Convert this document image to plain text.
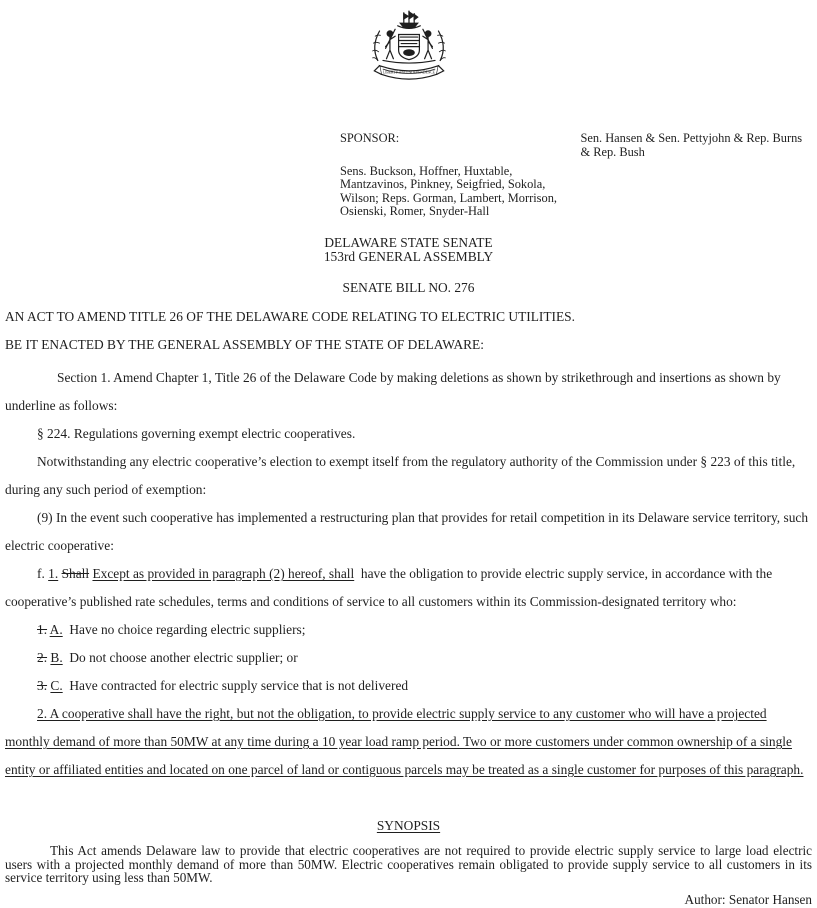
LIBERTY AND INDEPENDENCE
SPONSOR:
Sens. Buckson, Hoffner, Huxtable,
Mantzavinos, Pinkney, Seigfried, Sokola,
Wilson; Reps. Gorman, Lambert, Morrison,
Osienski, Romer, Snyder-Hall
Sen. Hansen & Sen. Pettyjohn & Rep. Burns & Rep. Bush
DELAWARE STATE SENATE
153rd GENERAL ASSEMBLY
SENATE BILL NO. 276

AN ACT TO AMEND TITLE 26 OF THE DELAWARE CODE RELATING TO ELECTRIC UTILITIES.

BE IT ENACTED BY THE GENERAL ASSEMBLY OF THE STATE OF DELAWARE:

Section 1. Amend Chapter 1, Title 26 of the Delaware Code by making deletions as shown by strikethrough and insertions as shown by underline as follows:

§ 224. Regulations governing exempt electric cooperatives.

Notwithstanding any electric cooperative’s election to exempt itself from the regulatory authority of the Commission under § 223 of this title, during any such period of exemption:

(9) In the event such cooperative has implemented a restructuring plan that provides for retail competition in its Delaware service territory, such electric cooperative:

f. 1. Shall Except as provided in paragraph (2) hereof, shall  have the obligation to provide electric supply service, in accordance with the cooperative’s published rate schedules, terms and conditions of service to all customers within its Commission-designated territory who:

1. A.  Have no choice regarding electric suppliers;

2. B.  Do not choose another electric supplier; or

3. C.  Have contracted for electric supply service that is not delivered

2. A cooperative shall have the right, but not the obligation, to provide electric supply service to any customer who will have a projected monthly demand of more than 50MW at any time during a 10 year load ramp period. Two or more customers under common ownership of a single entity or affiliated entities and located on one parcel of land or contiguous parcels may be treated as a single customer for purposes of this paragraph.

SYNOPSIS

This Act amends Delaware law to provide that electric cooperatives are not required to provide electric supply service to large load electric users with a projected monthly demand of more than 50MW. Electric cooperatives remain obligated to provide supply service to all customers in its service territory using less than 50MW.

Author: Senator Hansen
